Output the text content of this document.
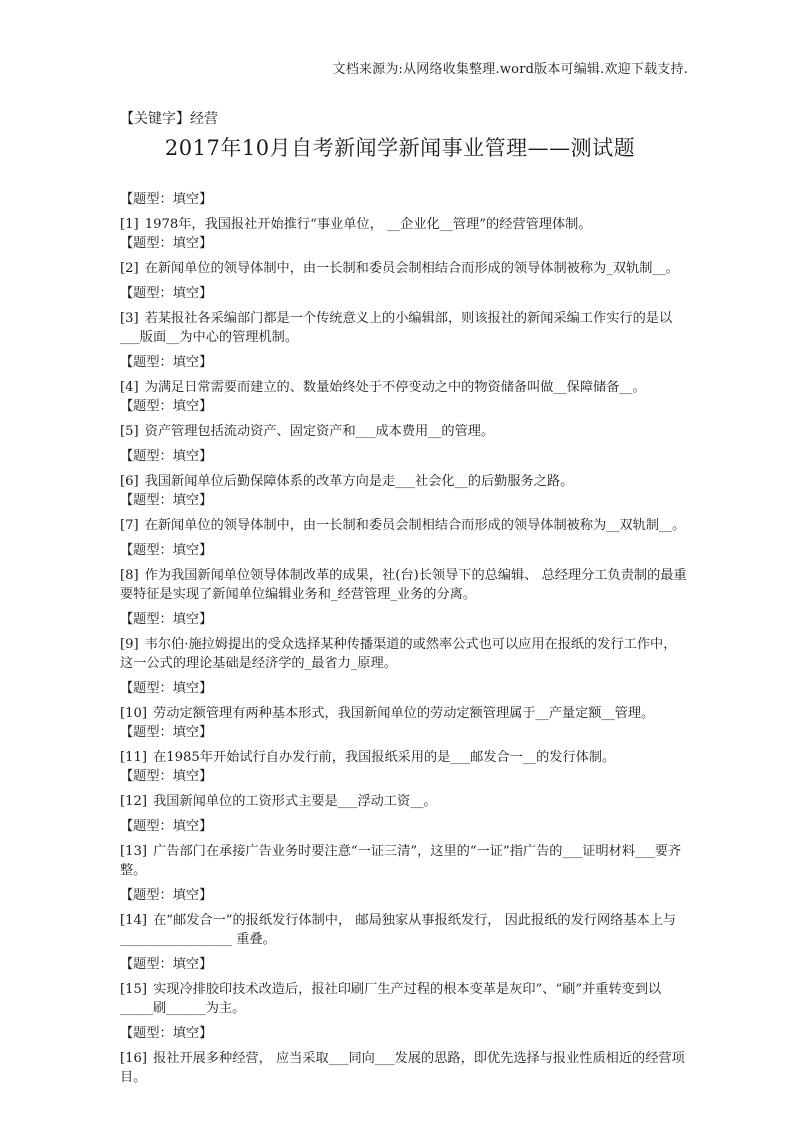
文档来源为:从网络收集整理.word版本可编辑.欢迎下载支持.
【关键字】经营
2017年10月自考新闻学新闻事业管理——测试题
【题型：填空】
[1] 1978年，我国报社开始推行“事业单位， __企业化__管理”的经营管理体制。
【题型：填空】
[2] 在新闻单位的领导体制中，由一长制和委员会制相结合而形成的领导体制被称为_双轨制__。
【题型：填空】
[3] 若某报社各采编部门都是一个传统意义上的小编辑部，则该报社的新闻采编工作实行的是以___版面__为中心的管理机制。
【题型：填空】
[4] 为满足日常需要而建立的、数量始终处于不停变动之中的物资储备叫做__保障储备__。
【题型：填空】
[5] 资产管理包括流动资产、固定资产和___成本费用__的管理。
【题型：填空】
[6] 我国新闻单位后勤保障体系的改革方向是走___社会化__的后勤服务之路。
【题型：填空】
[7] 在新闻单位的领导体制中，由一长制和委员会制相结合而形成的领导体制被称为__双轨制__。
【题型：填空】
[8] 作为我国新闻单位领导体制改革的成果，社(台)长领导下的总编辑、 总经理分工负责制的最重要特征是实现了新闻单位编辑业务和_经营管理_业务的分离。
【题型：填空】
[9] 韦尔伯·施拉姆提出的受众选择某种传播渠道的或然率公式也可以应用在报纸的发行工作中， 这一公式的理论基础是经济学的_最省力_原理。
【题型：填空】
[10] 劳动定额管理有两种基本形式，我国新闻单位的劳动定额管理属于__产量定额__管理。
【题型：填空】
[11] 在1985年开始试行自办发行前，我国报纸采用的是___邮发合一__的发行体制。
【题型：填空】
[12] 我国新闻单位的工资形式主要是___浮动工资__。
【题型：填空】
[13] 广告部门在承接广告业务时要注意“一证三清”，这里的“一证”指广告的___证明材料___要齐整。
【题型：填空】
[14] 在“邮发合一”的报纸发行体制中， 邮局独家从事报纸发行， 因此报纸的发行网络基本上与_________________ 重叠。
【题型：填空】
[15] 实现冷排胶印技术改造后，报社印刷厂生产过程的根本变革是灰印”、“刷”并重转变到以_____刷______为主。
【题型：填空】
[16] 报社开展多种经营， 应当采取___同向___发展的思路，即优先选择与报业性质相近的经营项目。
